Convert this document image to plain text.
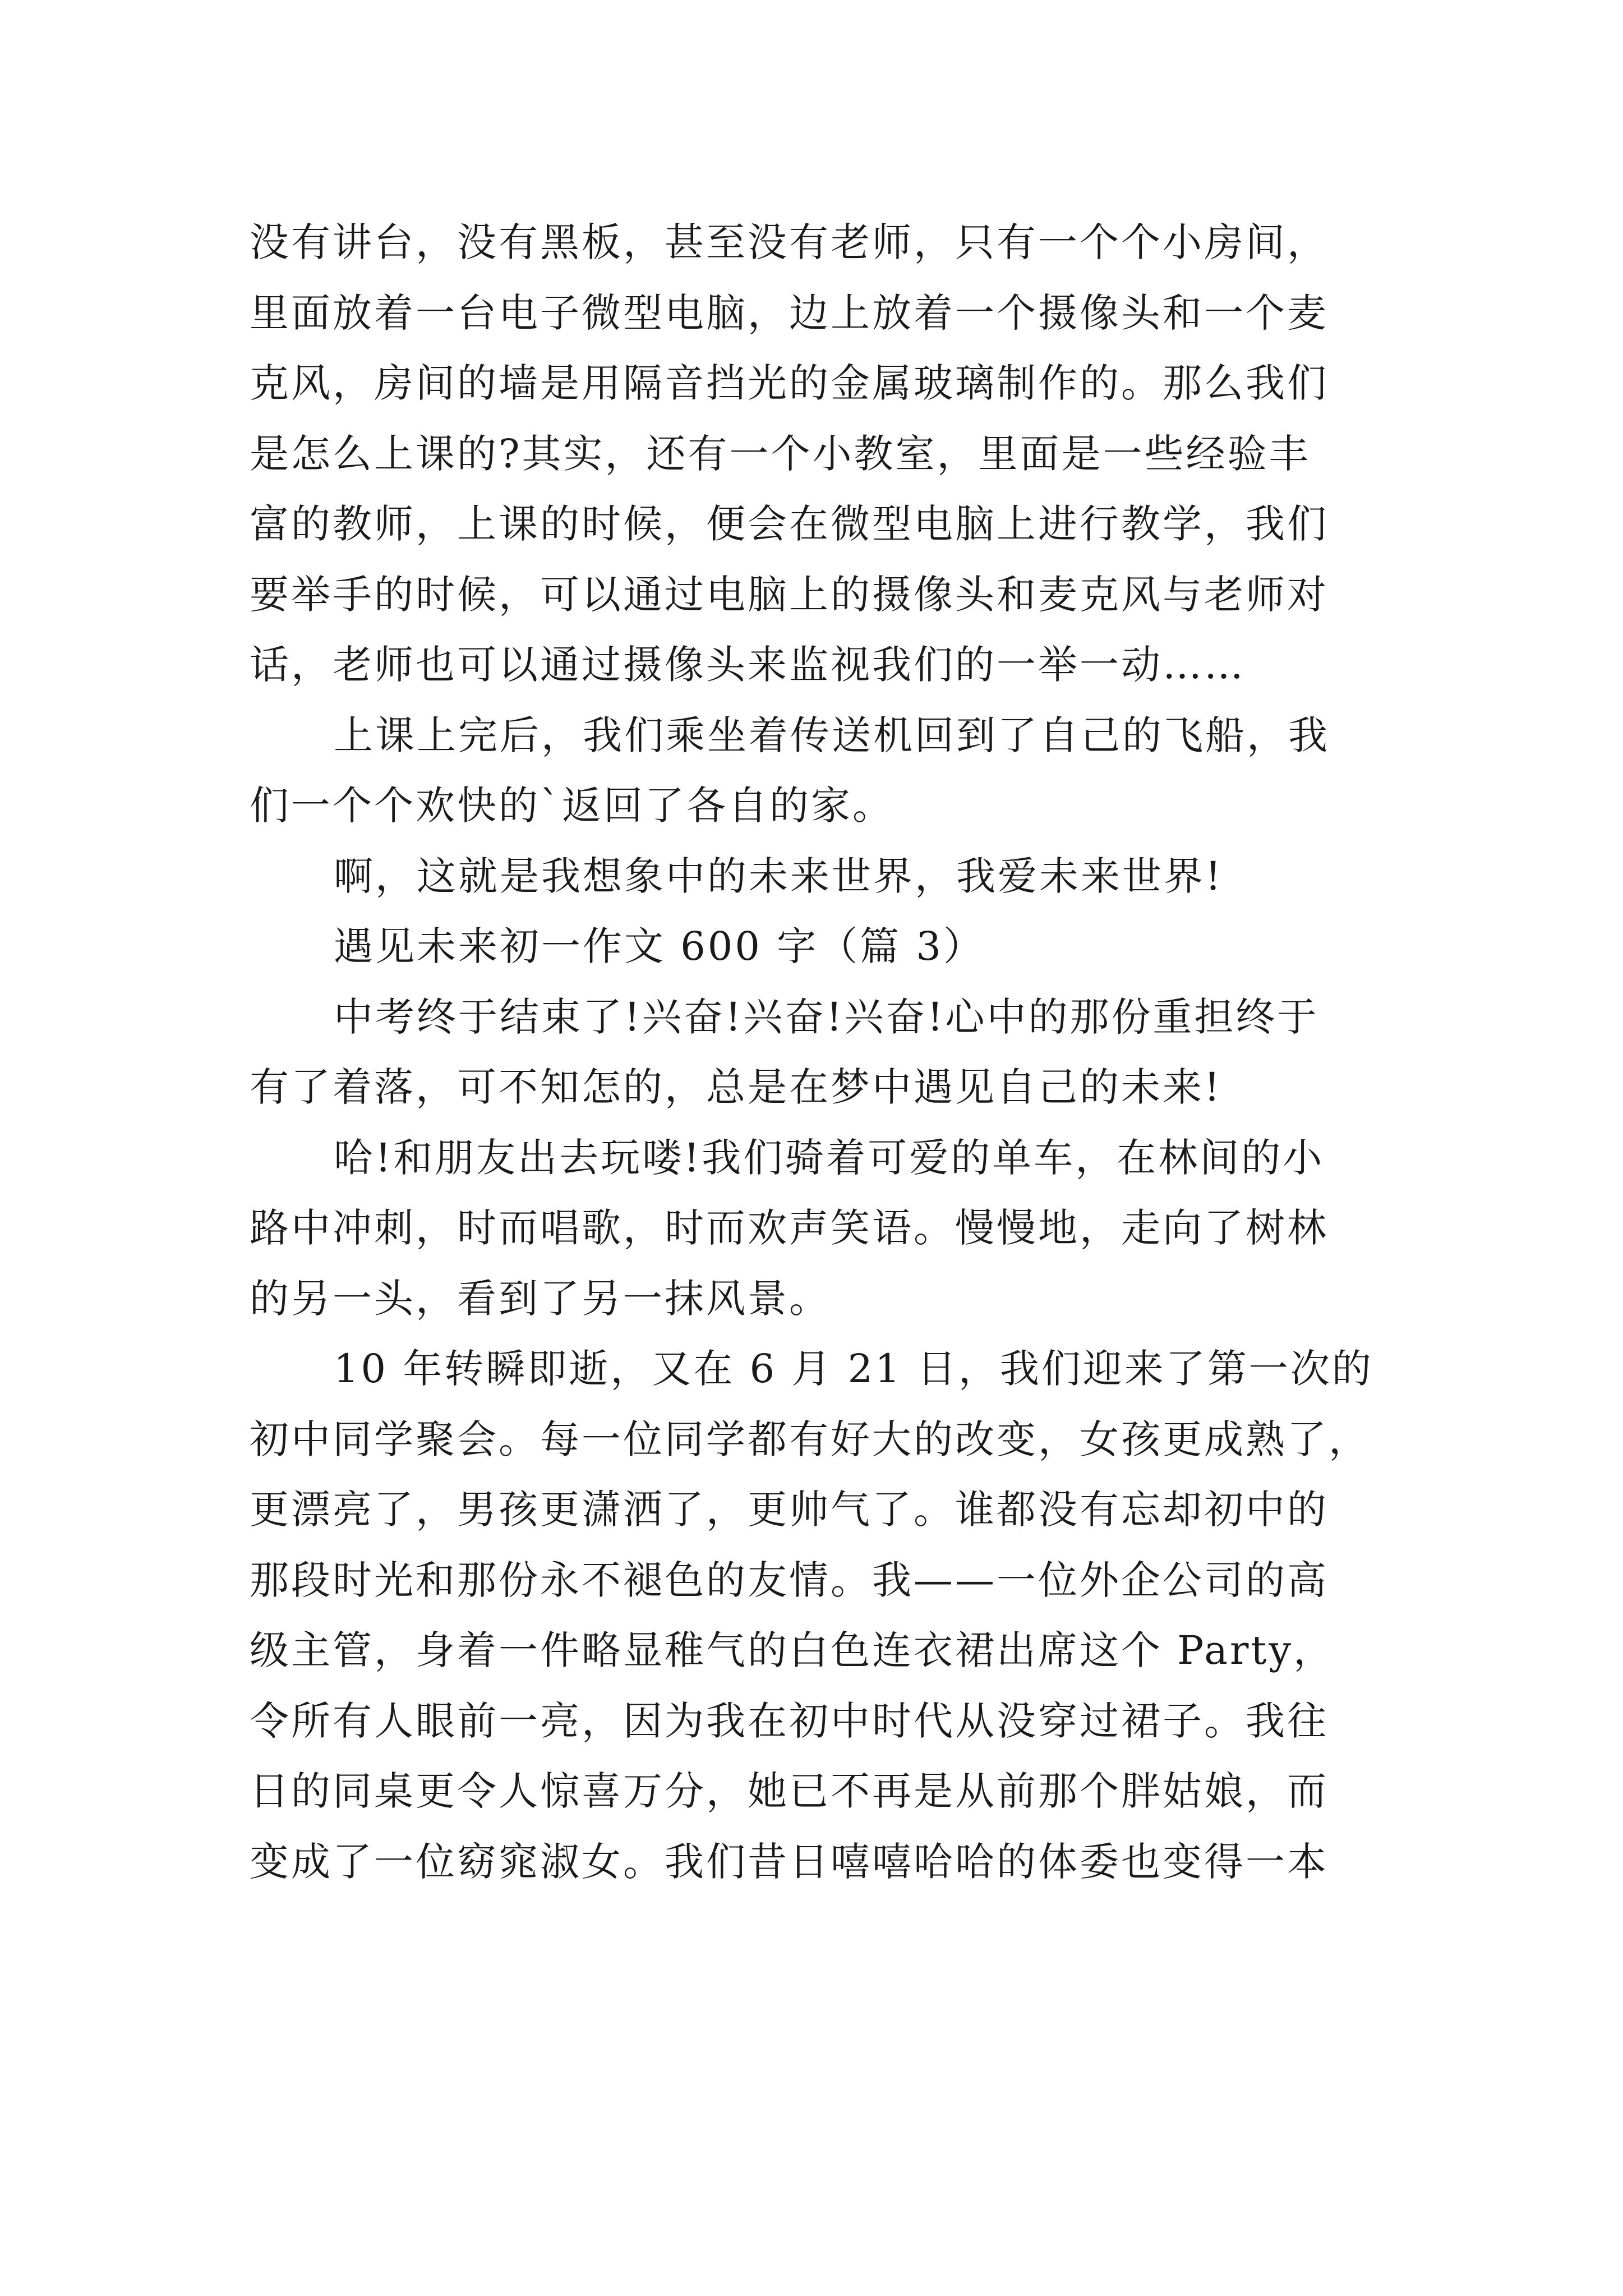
没有讲台，没有黑板，甚至没有老师，只有一个个小房间，
里面放着一台电子微型电脑，边上放着一个摄像头和一个麦
克风，房间的墙是用隔音挡光的金属玻璃制作的。那么我们
是怎么上课的?其实，还有一个小教室，里面是一些经验丰
富的教师，上课的时候，便会在微型电脑上进行教学，我们
要举手的时候，可以通过电脑上的摄像头和麦克风与老师对
话，老师也可以通过摄像头来监视我们的一举一动……
上课上完后，我们乘坐着传送机回到了自己的飞船，我
们一个个欢快的`返回了各自的家。
啊，这就是我想象中的未来世界，我爱未来世界!
遇见未来初一作文 600 字（篇 3）
中考终于结束了!兴奋!兴奋!兴奋!心中的那份重担终于
有了着落，可不知怎的，总是在梦中遇见自己的未来!
哈!和朋友出去玩喽!我们骑着可爱的单车，在林间的小
路中冲刺，时而唱歌，时而欢声笑语。慢慢地，走向了树林
的另一头，看到了另一抹风景。
10 年转瞬即逝，又在 6 月 21 日，我们迎来了第一次的
初中同学聚会。每一位同学都有好大的改变，女孩更成熟了，
更漂亮了，男孩更潇洒了，更帅气了。谁都没有忘却初中的
那段时光和那份永不褪色的友情。我——一位外企公司的高
级主管，身着一件略显稚气的白色连衣裙出席这个 Party，
令所有人眼前一亮，因为我在初中时代从没穿过裙子。我往
日的同桌更令人惊喜万分，她已不再是从前那个胖姑娘，而
变成了一位窈窕淑女。我们昔日嘻嘻哈哈的体委也变得一本
